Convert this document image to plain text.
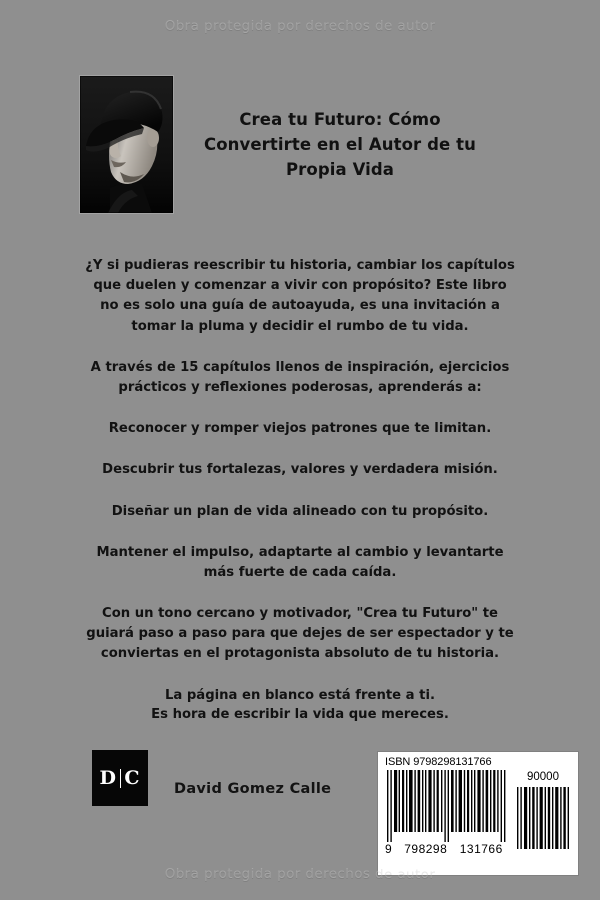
Obra protegida por derechos de autor
Crea tu Futuro: Cómo Convertirte en el Autor de tu Propia Vida

¿Y si pudieras reescribir tu historia, cambiar los capítulos que duelen y comenzar a vivir con propósito? Este libro no es solo una guía de autoayuda, es una invitación a tomar la pluma y decidir el rumbo de tu vida.

A través de 15 capítulos llenos de inspiración, ejercicios prácticos y reflexiones poderosas, aprenderás a:

Reconocer y romper viejos patrones que te limitan.

Descubrir tus fortalezas, valores y verdadera misión.

Diseñar un plan de vida alineado con tu propósito.

Mantener el impulso, adaptarte al cambio y levantarte más fuerte de cada caída.

Con un tono cercano y motivador, "Crea tu Futuro" te guiará paso a paso para que dejes de ser espectador y te conviertas en el protagonista absoluto de tu historia.

La página en blanco está frente a ti.

Es hora de escribir la vida que mereces.

D C
David Gomez Calle
ISBN 9798298131766
9	798298	131766
90000
Obra protegida por derechos de autor
